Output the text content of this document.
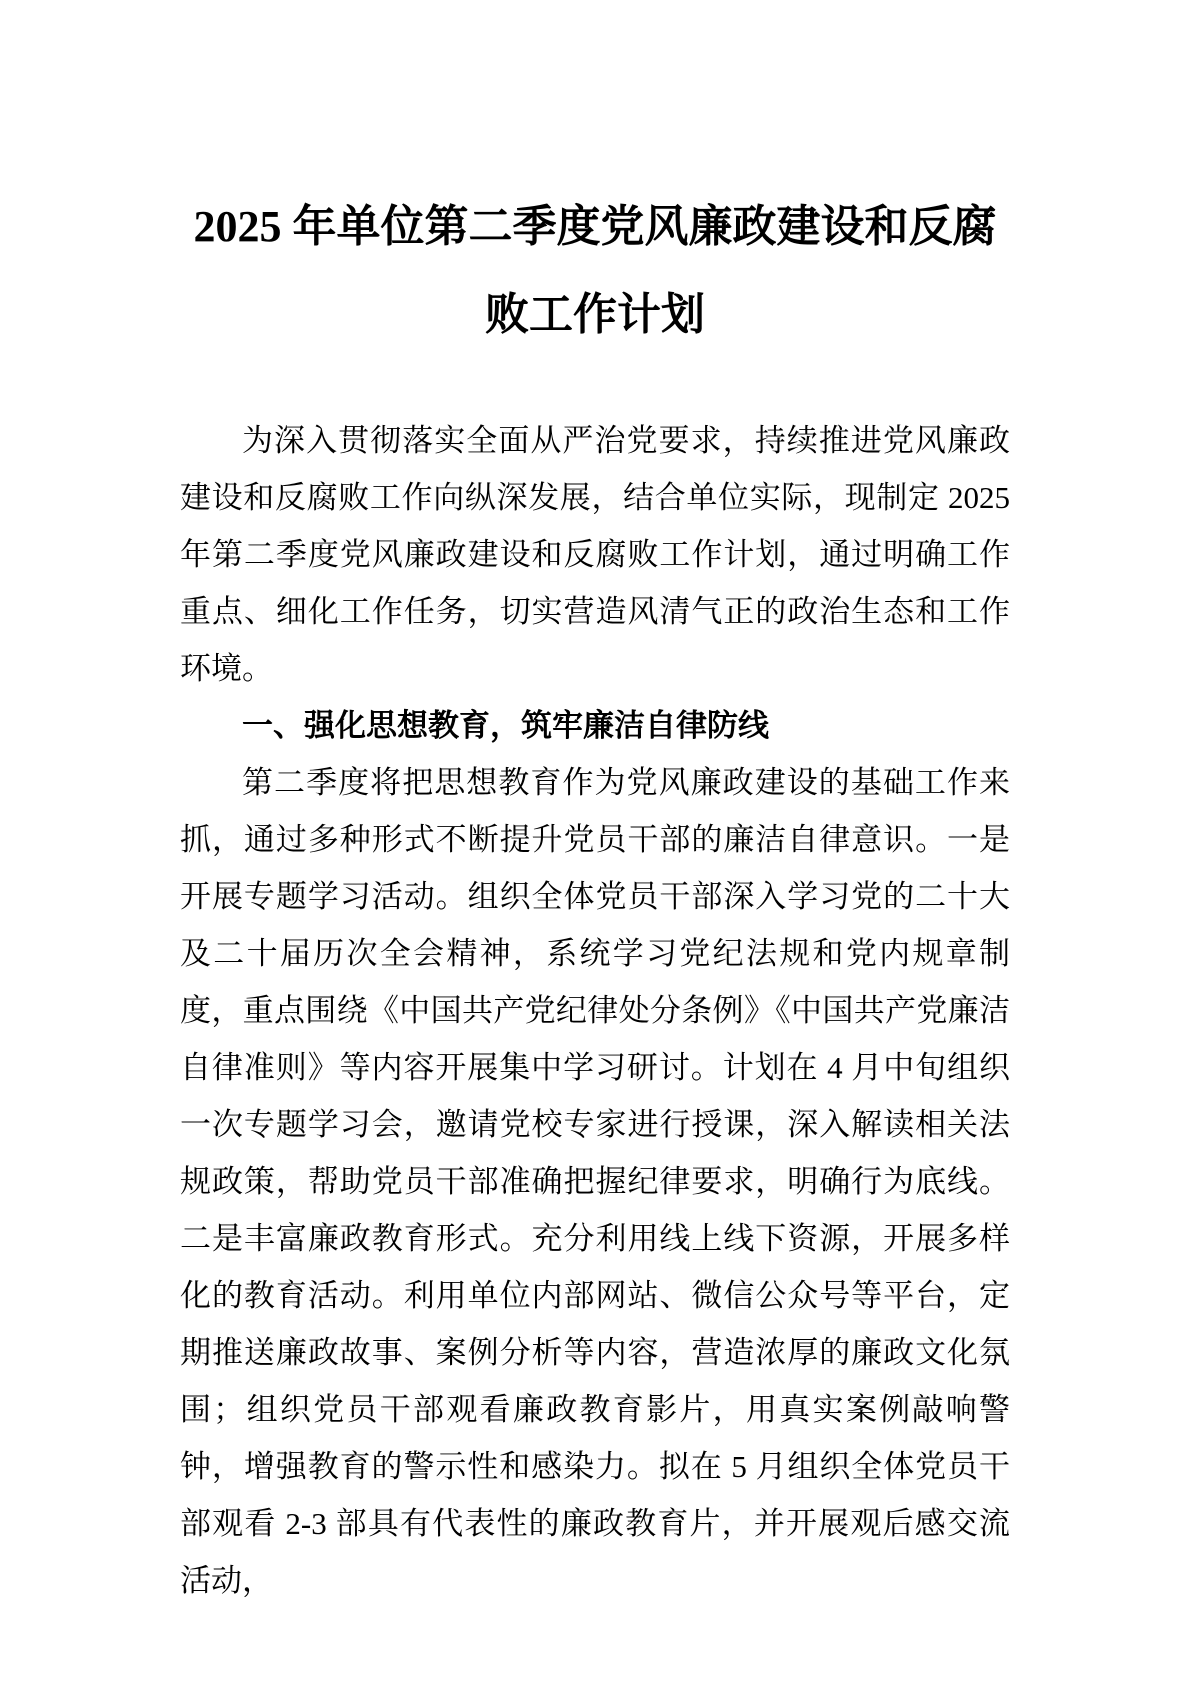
2025 年单位第二季度党风廉政建设和反腐败工作计划

为深入贯彻落实全面从严治党要求，持续推进党风廉政建设和反腐败工作向纵深发展，结合单位实际，现制定 2025 年第二季度党风廉政建设和反腐败工作计划，通过明确工作重点、细化工作任务，切实营造风清气正的政治生态和工作环境。

一、强化思想教育，筑牢廉洁自律防线

第二季度将把思想教育作为党风廉政建设的基础工作来抓，通过多种形式不断提升党员干部的廉洁自律意识。一是开展专题学习活动。组织全体党员干部深入学习党的二十大及二十届历次全会精神，系统学习党纪法规和党内规章制度，重点围绕《中国共产党纪律处分条例》《中国共产党廉洁自律准则》等内容开展集中学习研讨。计划在 4 月中旬组织一次专题学习会，邀请党校专家进行授课，深入解读相关法规政策，帮助党员干部准确把握纪律要求，明确行为底线。二是丰富廉政教育形式。充分利用线上线下资源，开展多样化的教育活动。利用单位内部网站、微信公众号等平台，定期推送廉政故事、案例分析等内容，营造浓厚的廉政文化氛围；组织党员干部观看廉政教育影片，用真实案例敲响警钟，增强教育的警示性和感染力。拟在 5 月组织全体党员干部观看 2-3 部具有代表性的廉政教育片，并开展观后感交流活动，
